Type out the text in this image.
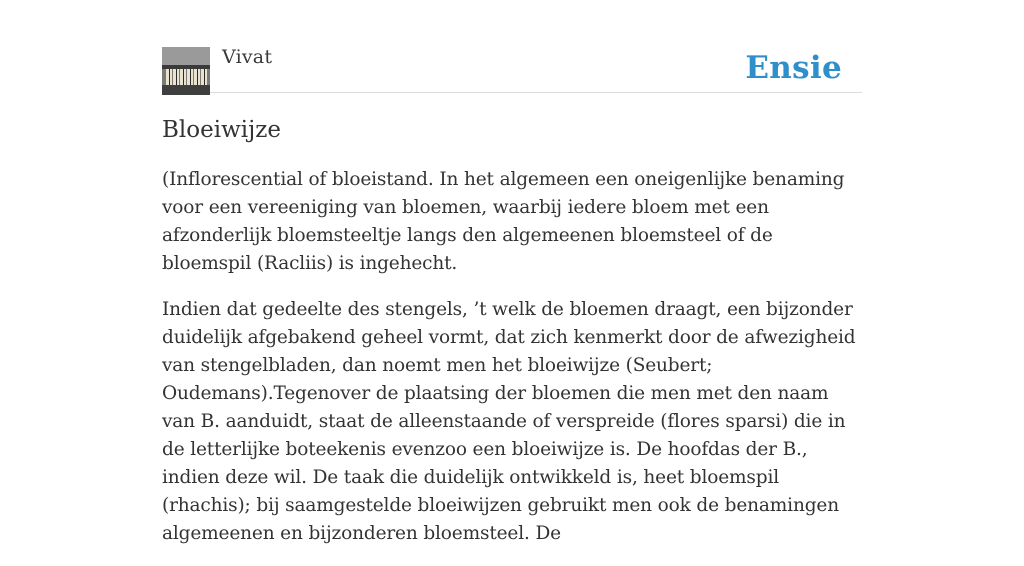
Vivat	Ensie
Bloeiwijze

(Inflorescential of bloeistand. In het algemeen een oneigenlijke benaming voor een vereeniging van bloemen, waarbij iedere bloem met een afzonderlijk bloemsteeltje langs den algemeenen bloemsteel of de bloemspil (Racliis) is ingehecht.

Indien dat gedeelte des stengels, ’t welk de bloemen draagt, een bijzonder duidelijk afgebakend geheel vormt, dat zich kenmerkt door de afwezigheid van stengelbladen, dan noemt men het bloeiwijze (Seubert; Oudemans).Tegenover de plaatsing der bloemen die men met den naam van B. aanduidt, staat de alleenstaande of verspreide (flores sparsi) die in de letterlijke boteekenis evenzoo een bloeiwijze is. De hoofdas der B., indien deze wil. De taak die duidelijk ontwikkeld is, heet bloemspil (rhachis); bij saamgestelde bloeiwijzen gebruikt men ook de benamingen algemeenen en bijzonderen bloemsteel. De
